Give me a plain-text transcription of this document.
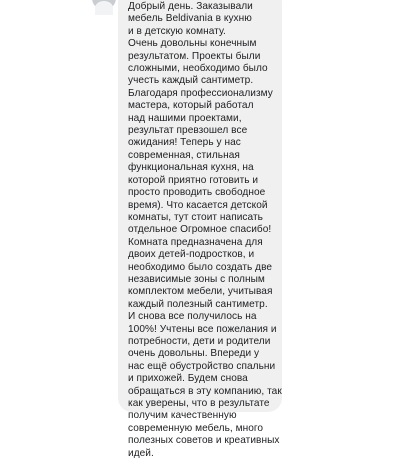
Добрый день. Заказывали
мебель Beldivania в кухню
и в детскую комнату.
Очень довольны конечным
результатом. Проекты были
сложными, необходимо было
учесть каждый сантиметр.
Благодаря профессионализму
мастера, который работал
над нашими проектами,
результат превзошел все
ожидания! Теперь у нас
современная, стильная
функциональная кухня, на
которой приятно готовить и
просто проводить свободное
время). Что касается детской
комнаты, тут стоит написать
отдельное Огромное спасибо!
Комната предназначена для
двоих детей-подростков, и
необходимо было создать две
независимые зоны с полным
комплектом мебели, учитывая
каждый полезный сантиметр.
И снова все получилось на
100%! Учтены все пожелания и
потребности, дети и родители
очень довольны. Впереди у
нас ещё обустройство спальни
и прихожей. Будем снова
обращаться в эту компанию, так
как уверены, что в результате
получим качественную
современную мебель, много
полезных советов и креативных
идей.
